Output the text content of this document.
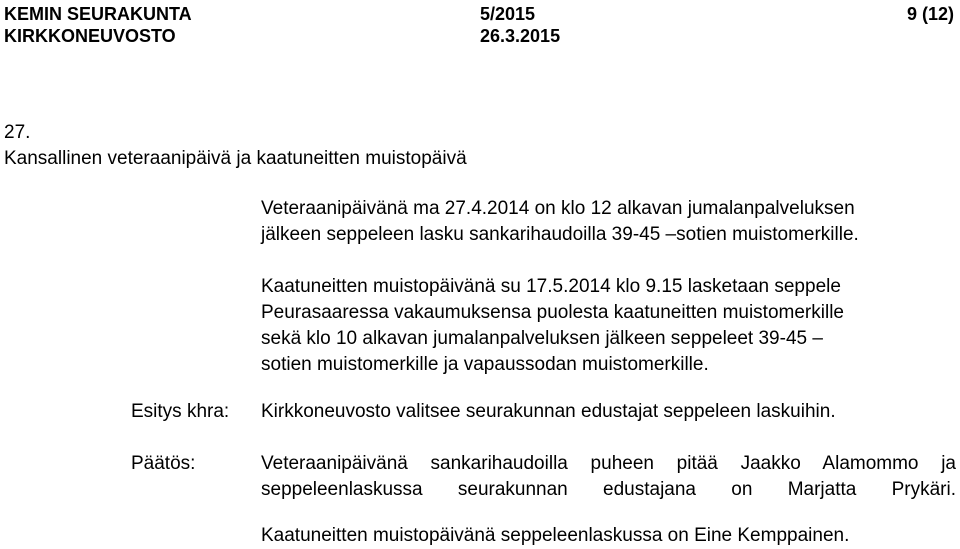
KEMIN SEURAKUNTA
KIRKKONEUVOSTO
5/2015
26.3.2015
9 (12)
27.
Kansallinen veteraanipäivä ja kaatuneitten muistopäivä
Veteraanipäivänä ma 27.4.2014 on klo 12 alkavan jumalanpalveluksen
jälkeen seppeleen lasku sankarihaudoilla 39-45 –sotien muistomerkille.
Kaatuneitten muistopäivänä su 17.5.2014 klo 9.15 lasketaan seppele
Peurasaaressa vakaumuksensa puolesta kaatuneitten muistomerkille
sekä klo 10 alkavan jumalanpalveluksen jälkeen seppeleet 39-45 –
sotien muistomerkille ja vapaussodan muistomerkille.
Esitys khra: Kirkkoneuvosto valitsee seurakunnan edustajat seppeleen laskuihin.
Päätös:	Veteraanipäivänä sankarihaudoilla puheen pitää Jaakko Alamommo ja
seppeleenlaskussa seurakunnan edustajana on Marjatta Prykäri.
Kaatuneitten muistopäivänä seppeleenlaskussa on Eine Kemppainen.
